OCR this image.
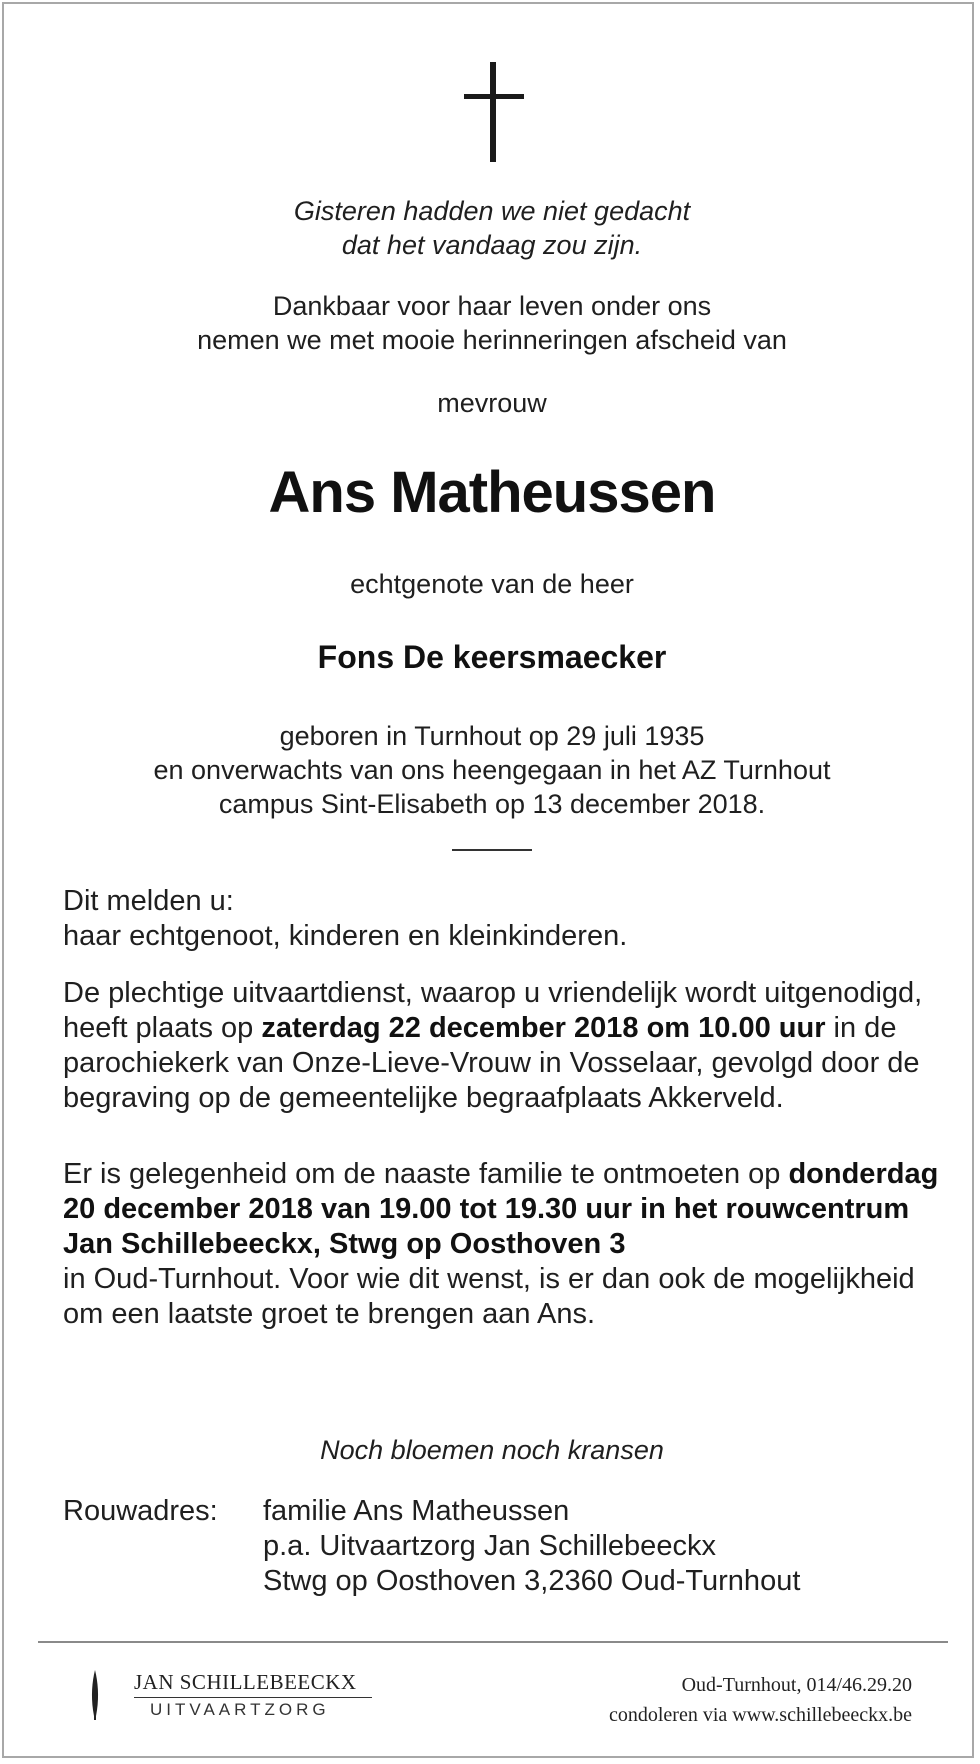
Gisteren hadden we niet gedacht
dat het vandaag zou zijn.
Dankbaar voor haar leven onder ons
nemen we met mooie herinneringen afscheid van
mevrouw
Ans Matheussen
echtgenote van de heer
Fons De keersmaecker
geboren in Turnhout op 29 juli 1935
en onverwachts van ons heengegaan in het AZ Turnhout
campus Sint-Elisabeth op 13 december 2018.
Dit melden u:
haar echtgenoot, kinderen en kleinkinderen.
De plechtige uitvaartdienst, waarop u vriendelijk wordt uitgenodigd, heeft plaats op zaterdag 22 december 2018 om 10.00 uur in de parochiekerk van Onze-Lieve-Vrouw in Vosselaar, gevolgd door de begraving op de gemeentelijke begraafplaats Akkerveld.
Er is gelegenheid om de naaste familie te ontmoeten op donderdag 20 december 2018 van 19.00 tot 19.30 uur in het rouwcentrum Jan Schillebeeckx, Stwg op Oosthoven 3
in Oud-Turnhout. Voor wie dit wenst, is er dan ook de mogelijkheid om een laatste groet te brengen aan Ans.
Noch bloemen noch kransen
Rouwadres: familie Ans Matheussen
p.a. Uitvaartzorg Jan Schillebeeckx
Stwg op Oosthoven 3,2360 Oud-Turnhout
JAN SCHILLEBEECKX
UITVAARTZORG
Oud-Turnhout, 014/46.29.20
condoleren via www.schillebeeckx.be
